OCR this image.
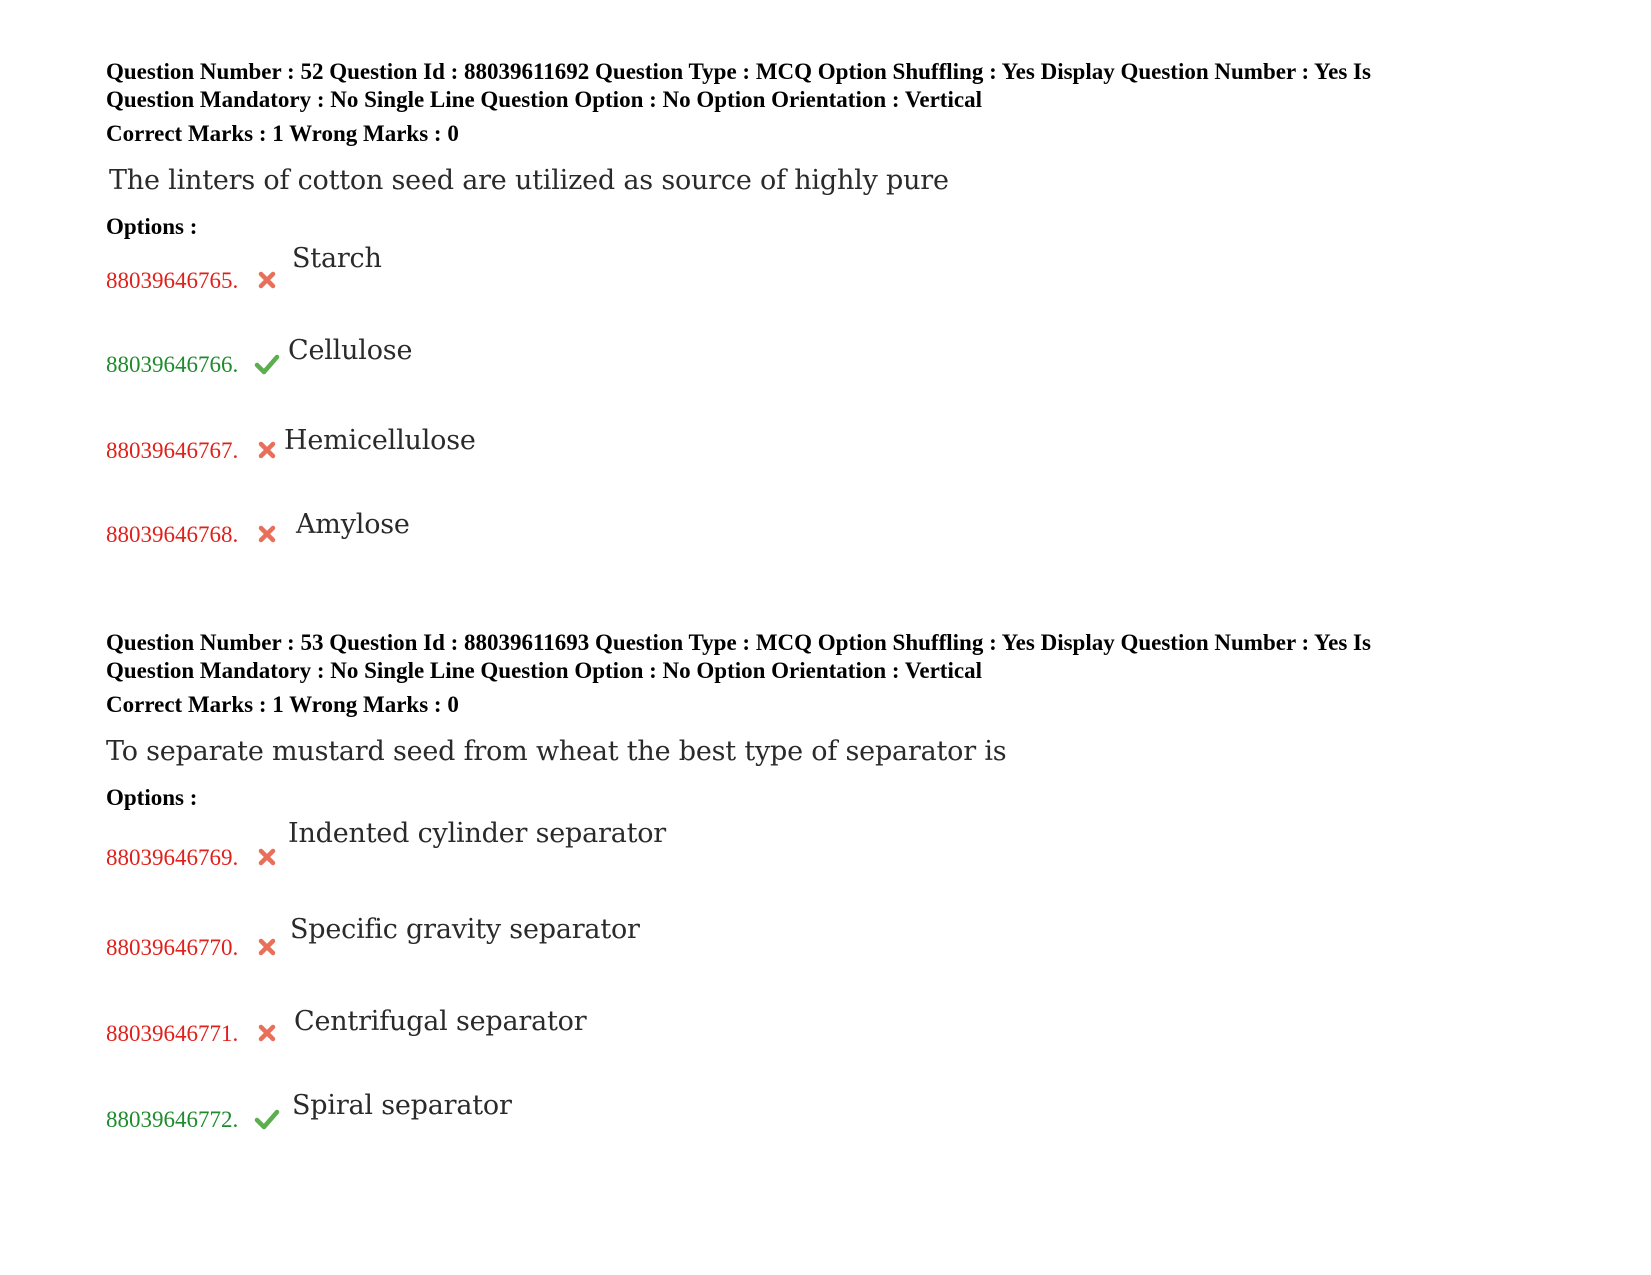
Question Number : 52 Question Id : 88039611692 Question Type : MCQ Option Shuffling : Yes Display Question Number : Yes Is
Question Mandatory : No Single Line Question Option : No Option Orientation : Vertical

Correct Marks : 1 Wrong Marks : 0

The linters of cotton seed are utilized as source of highly pure

Options :

88039646765.
Starch
88039646766. Cellulose
88039646767. Hemicellulose
88039646768. Amylose

Question Number : 53 Question Id : 88039611693 Question Type : MCQ Option Shuffling : Yes Display Question Number : Yes Is
Question Mandatory : No Single Line Question Option : No Option Orientation : Vertical

Correct Marks : 1 Wrong Marks : 0

To separate mustard seed from wheat the best type of separator is

Options :

88039646769.
Indented cylinder separator
88039646770.
Specific gravity separator
88039646771. Centrifugal separator
88039646772. Spiral separator
